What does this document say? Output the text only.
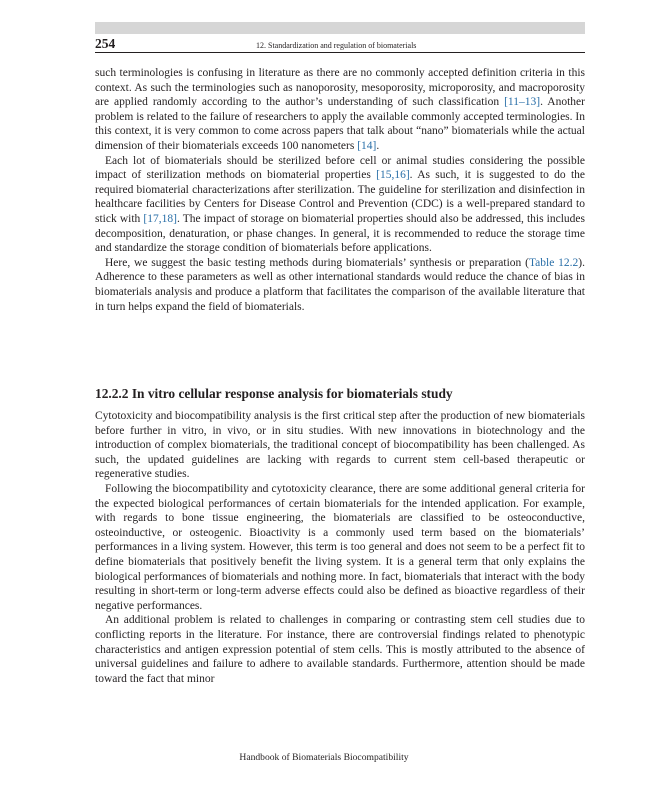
254	12. Standardization and regulation of biomaterials

such terminologies is confusing in literature as there are no commonly accepted definition criteria in this context. As such the terminologies such as nanoporosity, mesoporosity, microporosity, and macroporosity are applied randomly according to the author’s understanding of such classification [11–13]. Another problem is related to the failure of researchers to apply the available commonly accepted terminologies. In this context, it is very common to come across papers that talk about “nano” biomaterials while the actual dimension of their biomaterials exceeds 100 nanometers [14].

Each lot of biomaterials should be sterilized before cell or animal studies considering the possible impact of sterilization methods on biomaterial properties [15,16]. As such, it is suggested to do the required biomaterial characterizations after sterilization. The guideline for sterilization and disinfection in healthcare facilities by Centers for Disease Control and Prevention (CDC) is a well-prepared standard to stick with [17,18]. The impact of storage on biomaterial properties should also be addressed, this includes decomposition, denaturation, or phase changes. In general, it is recommended to reduce the storage time and standardize the storage condition of biomaterials before applications.

Here, we suggest the basic testing methods during biomaterials’ synthesis or preparation (Table 12.2). Adherence to these parameters as well as other international standards would reduce the chance of bias in biomaterials analysis and produce a platform that facilitates the comparison of the available literature that in turn helps expand the field of biomaterials.

12.2.2 In vitro cellular response analysis for biomaterials study

Cytotoxicity and biocompatibility analysis is the first critical step after the production of new biomaterials before further in vitro, in vivo, or in situ studies. With new innovations in biotechnology and the introduction of complex biomaterials, the traditional concept of biocompatibility has been challenged. As such, the updated guidelines are lacking with regards to current stem cell-based therapeutic or regenerative studies.

Following the biocompatibility and cytotoxicity clearance, there are some additional general criteria for the expected biological performances of certain biomaterials for the intended application. For example, with regards to bone tissue engineering, the biomaterials are classified to be osteoconductive, osteoinductive, or osteogenic. Bioactivity is a commonly used term based on the biomaterials’ performances in a living system. However, this term is too general and does not seem to be a perfect fit to define biomaterials that positively benefit the living system. It is a general term that only explains the biological performances of biomaterials and nothing more. In fact, biomaterials that interact with the body resulting in short-term or long-term adverse effects could also be defined as bioactive regardless of their negative performances.

An additional problem is related to challenges in comparing or contrasting stem cell studies due to conflicting reports in the literature. For instance, there are controversial findings related to phenotypic characteristics and antigen expression potential of stem cells. This is mostly attributed to the absence of universal guidelines and failure to adhere to available standards. Furthermore, attention should be made toward the fact that minor

Handbook of Biomaterials Biocompatibility
